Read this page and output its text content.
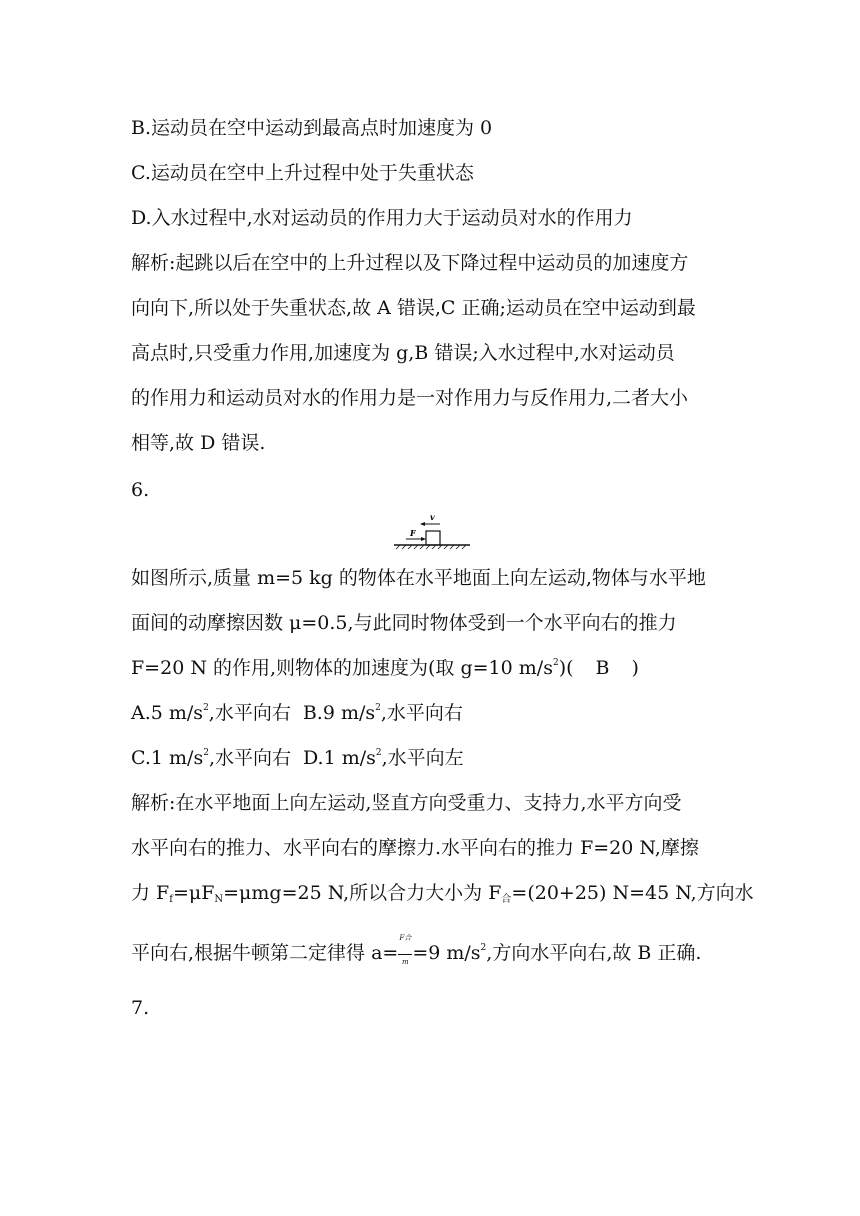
B.运动员在空中运动到最高点时加速度为 0
C.运动员在空中上升过程中处于失重状态
D.入水过程中,水对运动员的作用力大于运动员对水的作用力
解析:起跳以后在空中的上升过程以及下降过程中运动员的加速度方
向向下,所以处于失重状态,故 A 错误,C 正确;运动员在空中运动到最
高点时,只受重力作用,加速度为 g,B 错误;入水过程中,水对运动员
的作用力和运动员对水的作用力是一对作用力与反作用力,二者大小
相等,故 D 错误.
6.
F
v
如图所示,质量 m=5 kg 的物体在水平地面上向左运动,物体与水平地
面间的动摩擦因数 μ=0.5,与此同时物体受到一个水平向右的推力
F=20 N 的作用,则物体的加速度为(取 g=10 $m/s^2$)( B )
A.5 $m/s^2$,水平向右 B.9 $m/s^2$,水平向右
C.1 $m/s^2$,水平向右 D.1 $m/s^2$,水平向左
解析:在水平地面上向左运动,竖直方向受重力、支持力,水平方向受
水平向右的推力、水平向右的摩擦力.水平向右的推力 F=20 N,摩擦
力 $F_f=\mu F_N=\mu mg=25$ N,所以合力大小为 $F_合=(20+25)$ N=45 N,方向水
平向右,根据牛顿第二定律得 a=
F合
m =9 $m/s^2$,方向水平向右,故 B 正确.
7.
